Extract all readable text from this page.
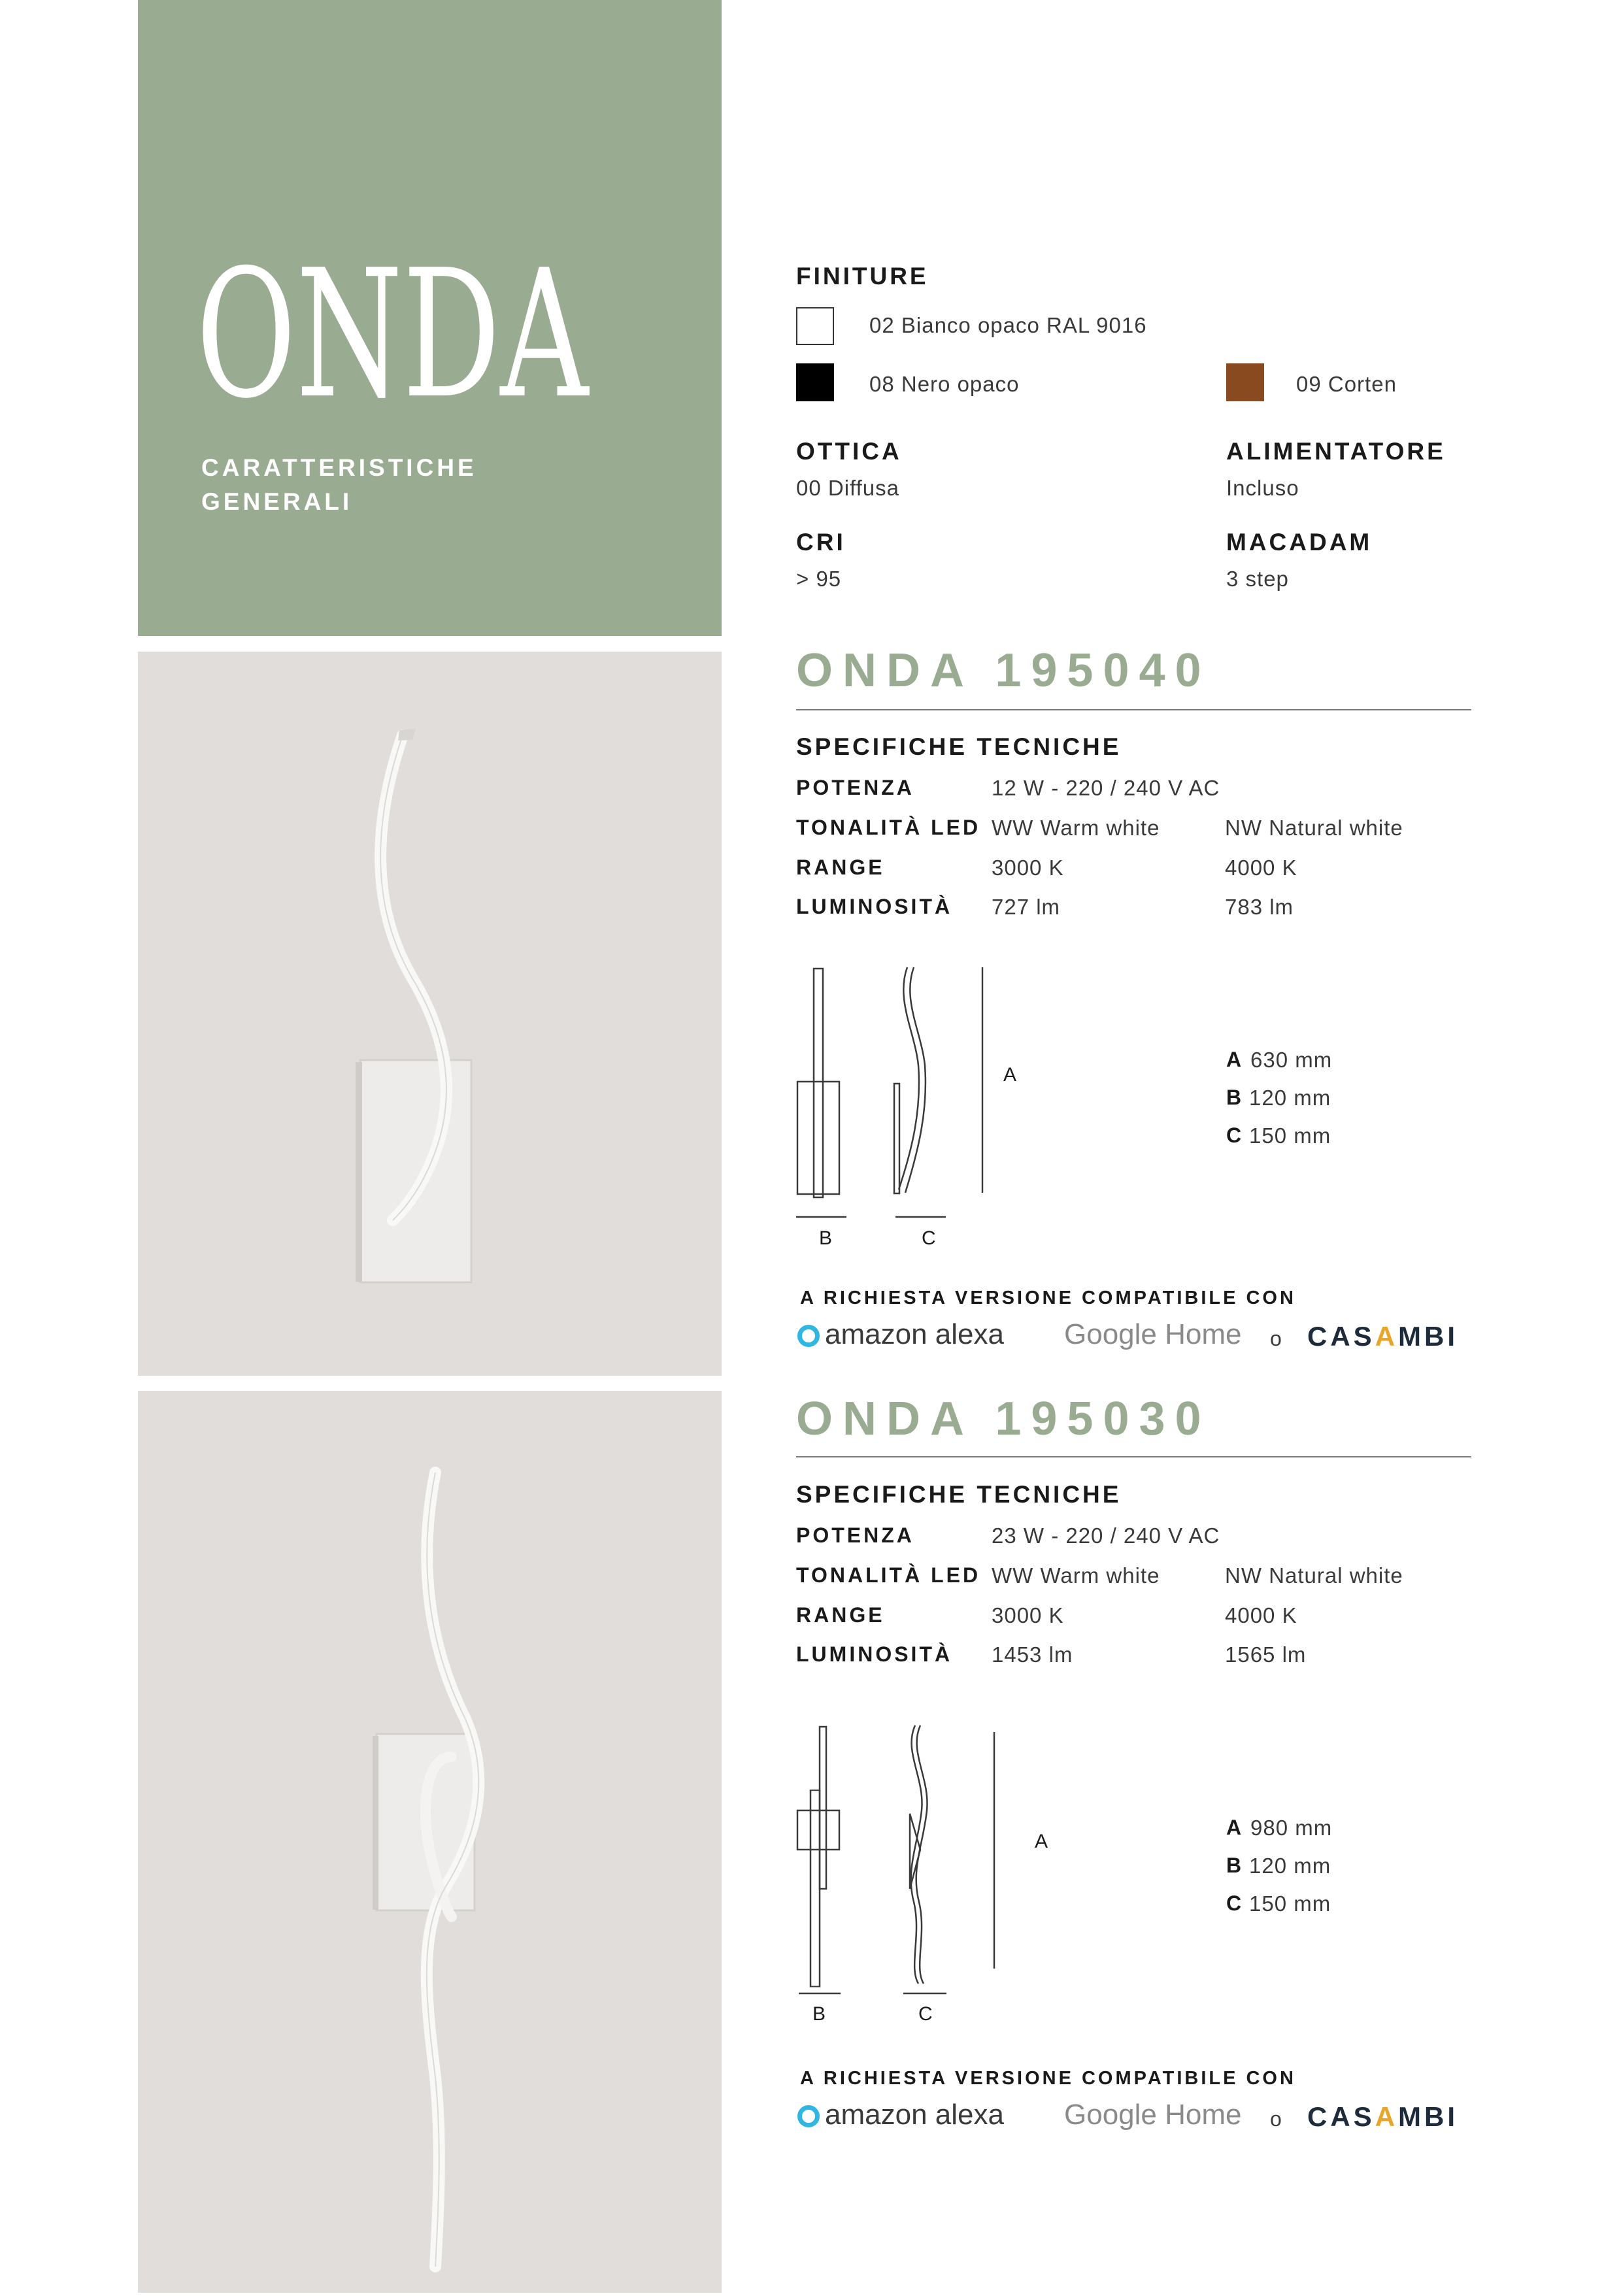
ONDA
CARATTERISTICHE
GENERALI
FINITURE
02 Bianco opaco RAL 9016
08 Nero opaco	09 Corten
OTTICA
00 Diffusa
ALIMENTATORE
Incluso
CRI
> 95
MACADAM
3 step
ONDA 195040
SPECIFICHE TECNICHE
POTENZA	12 W - 220 / 240 V AC
TONALITÀ LED WW Warm white	NW Natural white
RANGE	3000 K	4000 K
LUMINOSITÀ 727 lm	783 lm
B	C
A
A 630 mm
B 120 mm
C 150 mm
A RICHIESTA VERSIONE COMPATIBILE CON
amazon alexa Google Home o CASAMBI
ONDA 195030
SPECIFICHE TECNICHE
POTENZA	23 W - 220 / 240 V AC
TONALITÀ LED WW Warm white	NW Natural white
RANGE	3000 K	4000 K
LUMINOSITÀ 1453 lm	1565 lm
B	C
A
A 980 mm
B 120 mm
C 150 mm
A RICHIESTA VERSIONE COMPATIBILE CON
amazon alexa Google Home o CASAMBI
